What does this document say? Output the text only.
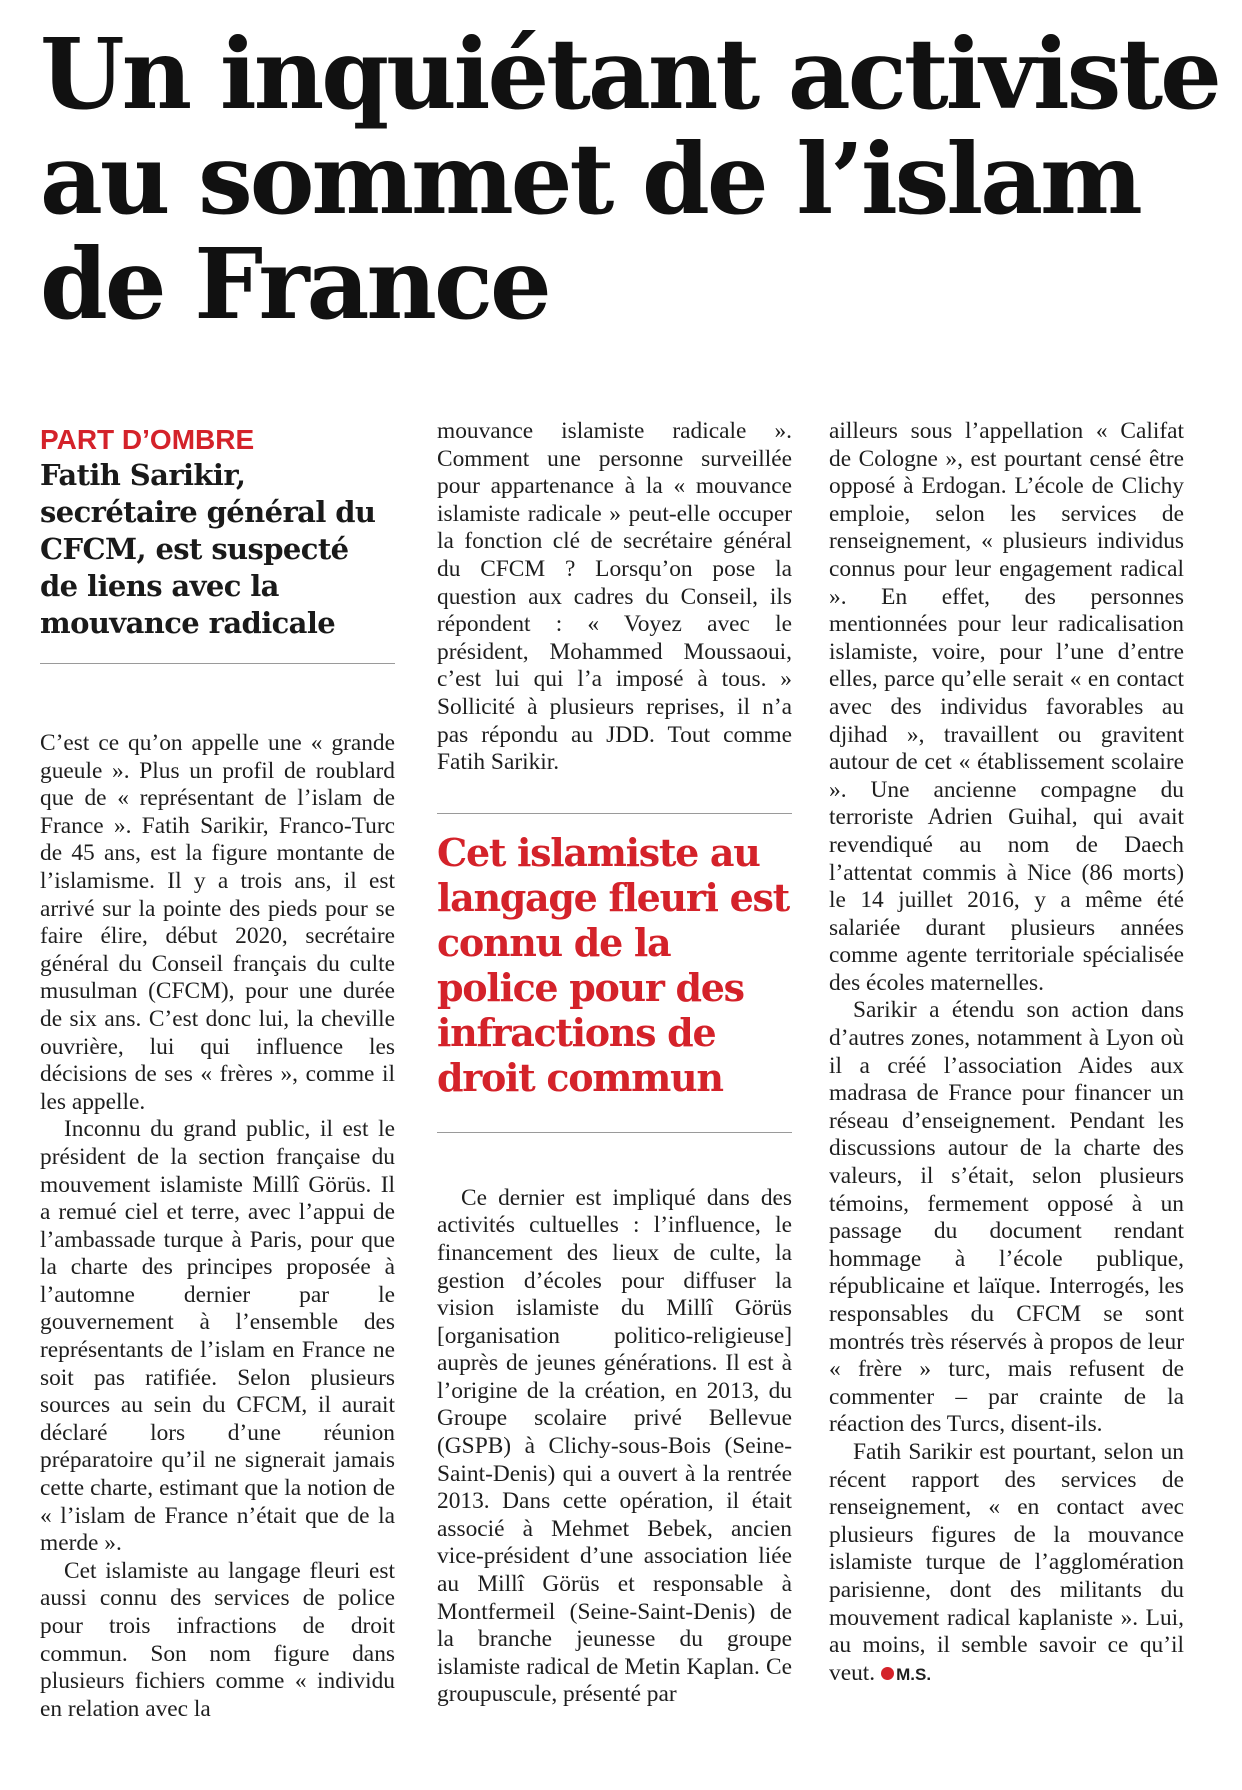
Un inquiétant activiste au sommet de l’islam de France
PART D’OMBRE

Fatih Sarikir, secrétaire général du CFCM, est suspecté de liens avec la mouvance radicale

C’est ce qu’on appelle une « grande gueule ». Plus un profil de roublard que de « représentant de l’islam de France ». Fatih Sarikir, Franco-Turc de 45 ans, est la figure montante de l’islamisme. Il y a trois ans, il est arrivé sur la pointe des pieds pour se faire élire, début 2020, secrétaire général du Conseil français du culte musulman (CFCM), pour une durée de six ans. C’est donc lui, la cheville ouvrière, lui qui influence les décisions de ses « frères », comme il les appelle.

Inconnu du grand public, il est le président de la section française du mouvement islamiste Millî Görüs. Il a remué ciel et terre, avec l’appui de l’ambassade turque à Paris, pour que la charte des principes proposée à l’automne dernier par le gouvernement à l’ensemble des représentants de l’islam en France ne soit pas ratifiée. Selon plusieurs sources au sein du CFCM, il aurait déclaré lors d’une réunion préparatoire qu’il ne signerait jamais cette charte, estimant que la notion de « l’islam de France n’était que de la merde ».

Cet islamiste au langage fleuri est aussi connu des services de police pour trois infractions de droit commun. Son nom figure dans plusieurs fichiers comme « individu en relation avec la

mouvance islamiste radicale ». Comment une personne surveillée pour appartenance à la « mouvance islamiste radicale » peut-elle occuper la fonction clé de secrétaire général du CFCM ? Lorsqu’on pose la question aux cadres du Conseil, ils répondent : « Voyez avec le président, Mohammed Moussaoui, c’est lui qui l’a imposé à tous. » Sollicité à plusieurs reprises, il n’a pas répondu au JDD. Tout comme Fatih Sarikir.

Cet islamiste au langage fleuri est connu de la police pour des infractions de droit commun

Ce dernier est impliqué dans des activités cultuelles : l’influence, le financement des lieux de culte, la gestion d’écoles pour diffuser la vision islamiste du Millî Görüs [organisation politico-religieuse] auprès de jeunes générations. Il est à l’origine de la création, en 2013, du Groupe scolaire privé Bellevue (GSPB) à Clichy-sous-Bois (Seine-Saint-Denis) qui a ouvert à la rentrée 2013. Dans cette opération, il était associé à Mehmet Bebek, ancien vice-président d’une association liée au Millî Görüs et responsable à Montfermeil (Seine-Saint-Denis) de la branche jeunesse du groupe islamiste radical de Metin Kaplan. Ce groupuscule, présenté par

ailleurs sous l’appellation « Califat de Cologne », est pourtant censé être opposé à Erdogan. L’école de Clichy emploie, selon les services de renseignement, « plusieurs individus connus pour leur engagement radical ». En effet, des personnes mentionnées pour leur radicalisation islamiste, voire, pour l’une d’entre elles, parce qu’elle serait « en contact avec des individus favorables au djihad », travaillent ou gravitent autour de cet « établissement scolaire ». Une ancienne compagne du terroriste Adrien Guihal, qui avait revendiqué au nom de Daech l’attentat commis à Nice (86 morts) le 14 juillet 2016, y a même été salariée durant plusieurs années comme agente territoriale spécialisée des écoles maternelles.

Sarikir a étendu son action dans d’autres zones, notamment à Lyon où il a créé l’association Aides aux madrasa de France pour financer un réseau d’enseignement. Pendant les discussions autour de la charte des valeurs, il s’était, selon plusieurs témoins, fermement opposé à un passage du document rendant hommage à l’école publique, républicaine et laïque. Interrogés, les responsables du CFCM se sont montrés très réservés à propos de leur « frère » turc, mais refusent de commenter – par crainte de la réaction des Turcs, disent-ils.

Fatih Sarikir est pourtant, selon un récent rapport des services de renseignement, « en contact avec plusieurs figures de la mouvance islamiste turque de l’agglomération parisienne, dont des militants du mouvement radical kaplaniste ». Lui, au moins, il semble savoir ce qu’il veut. M.S.
